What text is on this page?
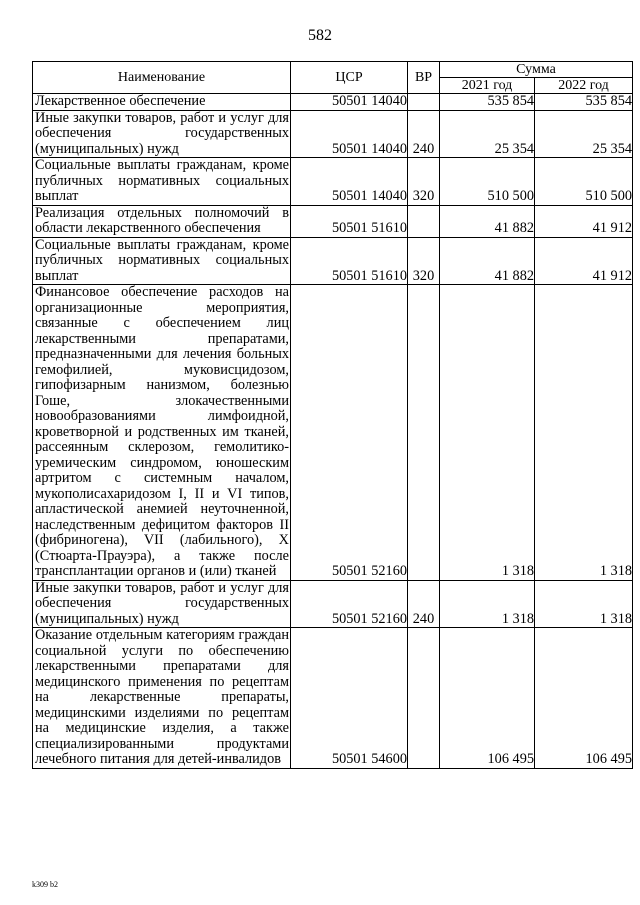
582
Наименование	ЦСР	ВР	Сумма	
			2021 год	2022 год
Лекарственное обеспечение	50501 14040		535 854	535 854
Иные закупки товаров, работ и услуг для обеспечения государственных (муниципальных) нужд	50501 14040	240	25 354	25 354
Социальные выплаты гражданам, кроме публичных нормативных социальных выплат	50501 14040	320	510 500	510 500
Реализация отдельных полномочий в области лекарственного обеспечения	50501 51610		41 882	41 912
Социальные выплаты гражданам, кроме публичных нормативных социальных выплат	50501 51610	320	41 882	41 912
Финансовое обеспечение расходов на организационные мероприятия, связанные с обеспечением лиц лекарственными препаратами, предназначенными для лечения больных гемофилией, муковисцидозом, гипофизарным нанизмом, болезнью Гоше, злокачественными новообразованиями лимфоидной, кроветворной и родственных им тканей, рассеянным склерозом, гемолитико-уремическим синдромом, юношеским артритом с системным началом, мукополисахаридозом I, II и VI типов, апластической анемией неуточненной, наследственным дефицитом факторов II (фибриногена), VII (лабильного), X (Стюарта-Прауэра), а также после трансплантации органов и (или) тканей	50501 52160		1 318	1 318
Иные закупки товаров, работ и услуг для обеспечения государственных (муниципальных) нужд	50501 52160	240	1 318	1 318
Оказание отдельным категориям граждан социальной услуги по обеспечению лекарственными препаратами для медицинского применения по рецептам на лекарственные препараты, медицинскими изделиями по рецептам на медицинские изделия, а также специализированными продуктами лечебного питания для детей-инвалидов	50501 54600		106 495	106 495
k309 b2
